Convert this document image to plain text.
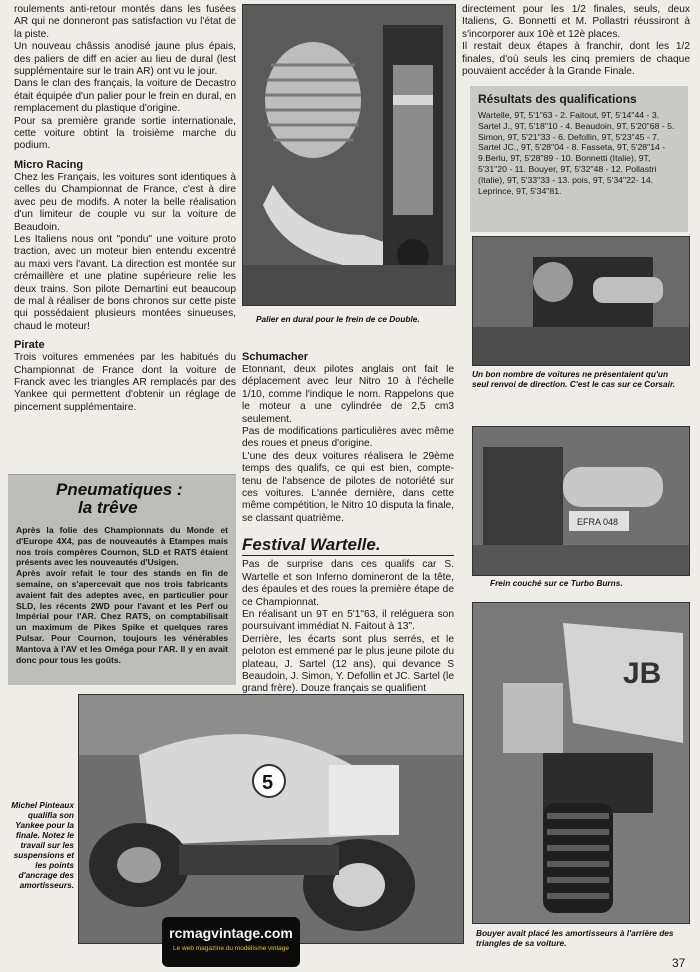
roulements anti-retour montés dans les fusées AR qui ne donneront pas satisfaction vu l'état de la piste.

Un nouveau châssis anodisé jaune plus épais, des paliers de diff en acier au lieu de dural (lest supplémentaire sur le train AR) ont vu le jour.

Dans le clan des français, la voiture de Decastro était équipée d'un palier pour le frein en dural, en remplacement du plastique d'origine.

Pour sa première grande sortie internationale, cette voiture obtint la troisième marche du podium.

Micro Racing

Chez les Français, les voitures sont identiques à celles du Championnat de France, c'est à dire avec peu de modifs. A noter la belle réalisation d'un limiteur de couple vu sur la voiture de Beaudoin.

Les Italiens nous ont "pondu" une voiture proto traction, avec un moteur bien entendu excentré au maxi vers l'avant. La direction est montée sur crémaillère et une platine supérieure relie les deux trains. Son pilote Demartini eut beaucoup de mal à réaliser de bons chronos sur cette piste qui possédaient plusieurs montées sinueuses, chaud le moteur!

Pirate

Trois voitures emmenées par les habitués du Championnat de France dont la voiture de Franck avec les triangles AR remplacés par des Yankee qui permettent d'obtenir un réglage de pincement supplémentaire.

Pneumatiques :
la trêve

Après la folie des Championnats du Monde et d'Europe 4X4, pas de nouveautés à Etampes mais nos trois compères Cournon, SLD et RATS étaient présents avec les nouveautés d'Usigen.

Après avoir refait le tour des stands en fin de semaine, on s'apercevait que nos trois fabricants avaient fait des adeptes avec, en particulier pour SLD, les récents 2WD pour l'avant et les Perf ou Impérial pour l'AR. Chez RATS, on comptabilisait un maximum de Pikes Spike et quelques rares Pulsar. Pour Cournon, toujours les vénérables Mantova à l'AV et les Oméga pour l'AR. Il y en avait donc pour tous les goûts.

Palier en dural pour le frein de ce Double.
Schumacher

Etonnant, deux pilotes anglais ont fait le déplacement avec leur Nitro 10 à l'échelle 1/10, comme l'indique le nom. Rappelons que le moteur a une cylindrée de 2,5 cm3 seulement.

Pas de modifications particulières avec même des roues et pneus d'origine.

L'une des deux voitures réalisera le 29ème temps des qualifs, ce qui est bien, compte-tenu de l'absence de pilotes de notoriété sur ces voitures. L'année dernière, dans cette même compétition, le Nitro 10 disputa la finale, se classant quatrième.

Festival Wartelle.

Pas de surprise dans ces qualifs car S. Wartelle et son Inferno domineront de la tête, des épaules et des roues la première étape de ce Championnat.

En réalisant un 9T en 5'1"63, il reléguera son poursuivant immédiat N. Faitout à 13".

Derrière, les écarts sont plus serrés, et le peloton est emmené par le plus jeune pilote du plateau, J. Sartel (12 ans), qui devance S Beaudoin, J. Simon, Y. Defollin et JC. Sartel (le grand frère). Douze français se qualifient

directement pour les 1/2 finales, seuls, deux Italiens, G. Bonnetti et M. Pollastri réussiront à s'incorporer aux 10è et 12è places.

Il restait deux étapes à franchir, dont les 1/2 finales, d'où seuls les cinq premiers de chaque pouvaient accéder à la Grande Finale.

Résultats des qualifications
Wartelle, 9T, 5'1"63 - 2. Faitout, 9T, 5'14"44 - 3. Sartel J., 9T, 5'18"10 - 4. Beaudoin, 9T, 5'20"68 - 5. Simon, 9T, 5'21"33 - 6. Defollin, 9T, 5'23"45 - 7. Sartel JC., 9T, 5'28"04 - 8. Fasseta, 9T, 5'28"14 - 9.Berlu, 9T, 5'28"89 - 10. Bonnetti (Italie), 9T, 5'31"20 - 11. Bouyer, 9T, 5'32"48 - 12. Pollastri (Italie), 9T, 5'33"33 - 13. pois, 9T, 5'34"22- 14. Leprince, 9T, 5'34"81.
Un bon nombre de voitures ne présentaient qu'un seul renvoi de direction. C'est le cas sur ce Corsair.
EFRA 048
Frein couché sur ce Turbo Burns.
JB
Bouyer avait placé les amortisseurs à l'arrière des triangles de sa voiture.
5
Michel Pinteaux qualifia son Yankee pour la finale. Notez le travail sur les suspensions et les points d'ancrage des amortisseurs.
rcmagvintage.com
Le web magazine du modélisme vintage
37
